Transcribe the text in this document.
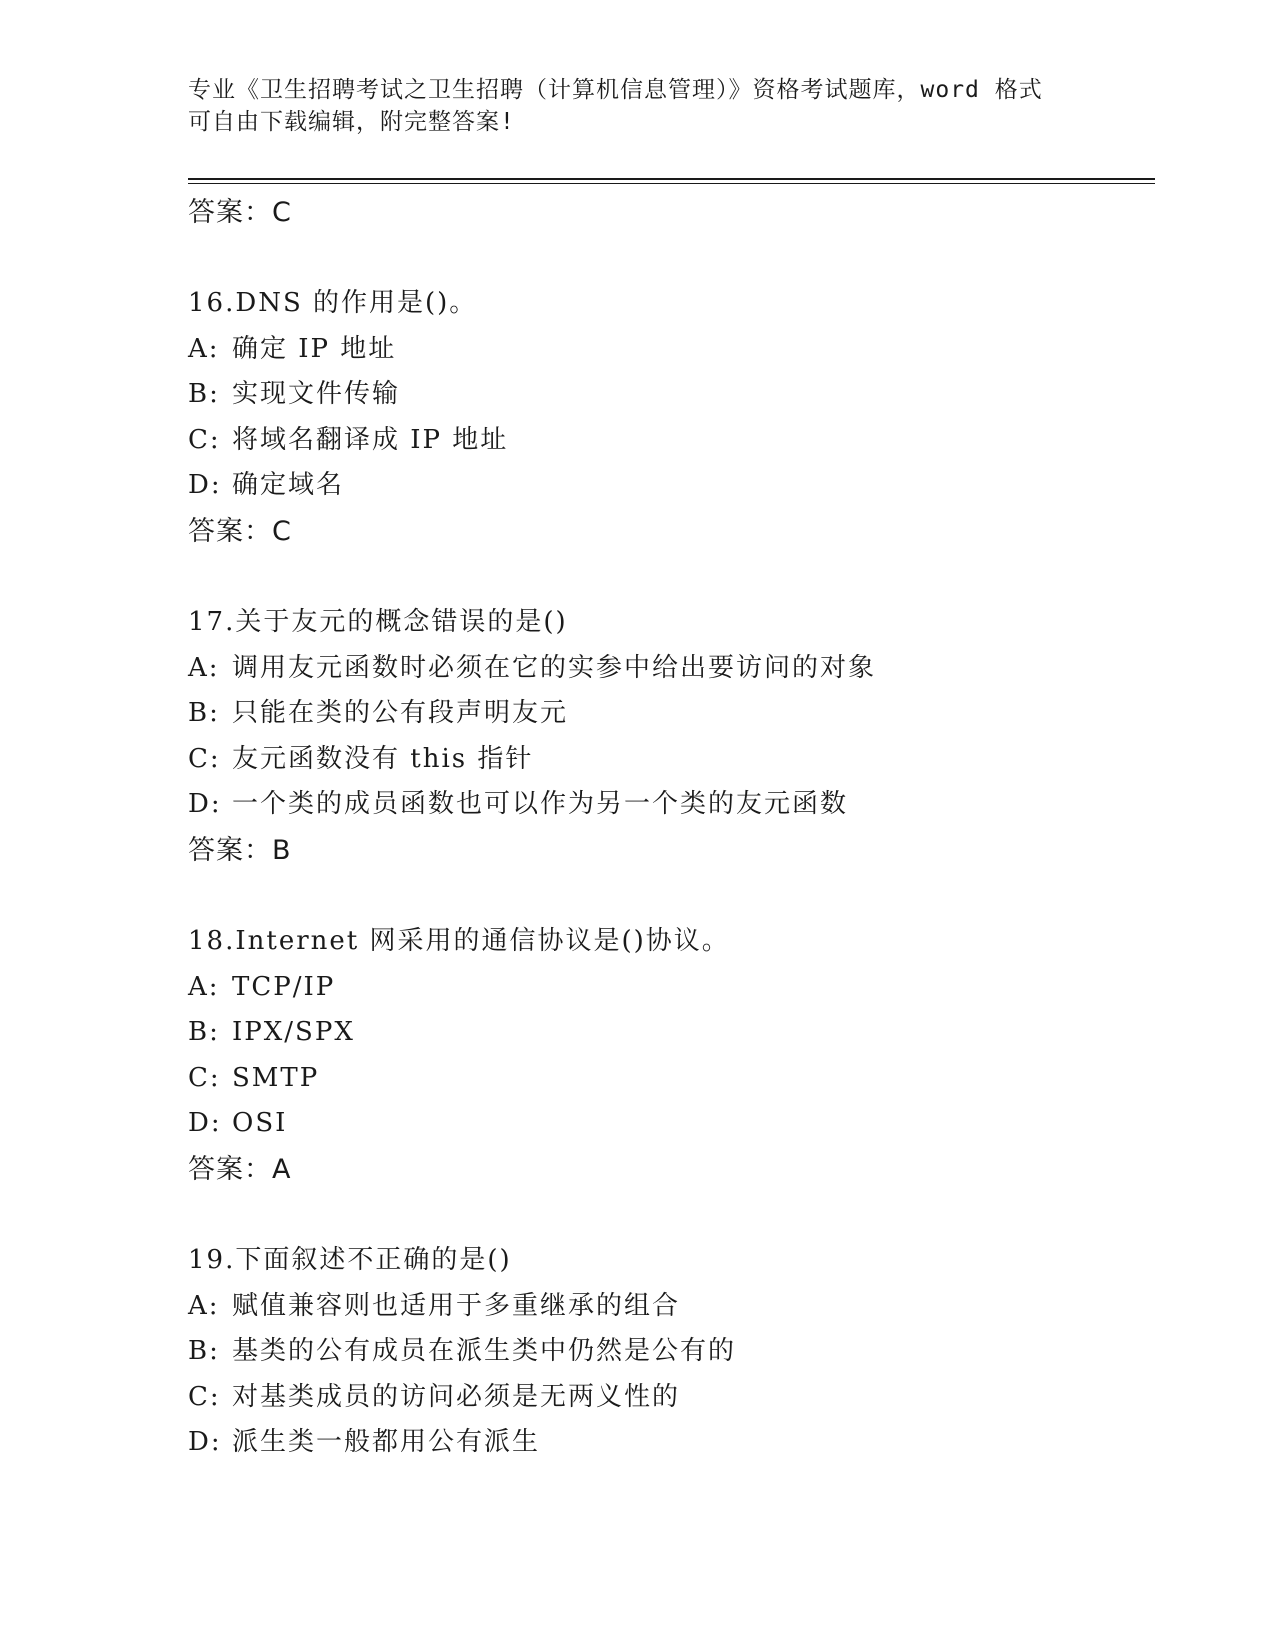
专业《卫生招聘考试之卫生招聘（计算机信息管理）》资格考试题库，word 格式
可自由下载编辑，附完整答案!
答案：C
16.DNS 的作用是()。
A: 确定 IP 地址
B: 实现文件传输
C: 将域名翻译成 IP 地址
D: 确定域名
答案：C
17.关于友元的概念错误的是()
A: 调用友元函数时必须在它的实参中给出要访问的对象
B: 只能在类的公有段声明友元
C: 友元函数没有 this 指针
D: 一个类的成员函数也可以作为另一个类的友元函数
答案：B
18.Internet 网采用的通信协议是()协议。
A: TCP/IP
B: IPX/SPX
C: SMTP
D: OSI
答案：A
19.下面叙述不正确的是()
A: 赋值兼容则也适用于多重继承的组合
B: 基类的公有成员在派生类中仍然是公有的
C: 对基类成员的访问必须是无两义性的
D: 派生类一般都用公有派生
